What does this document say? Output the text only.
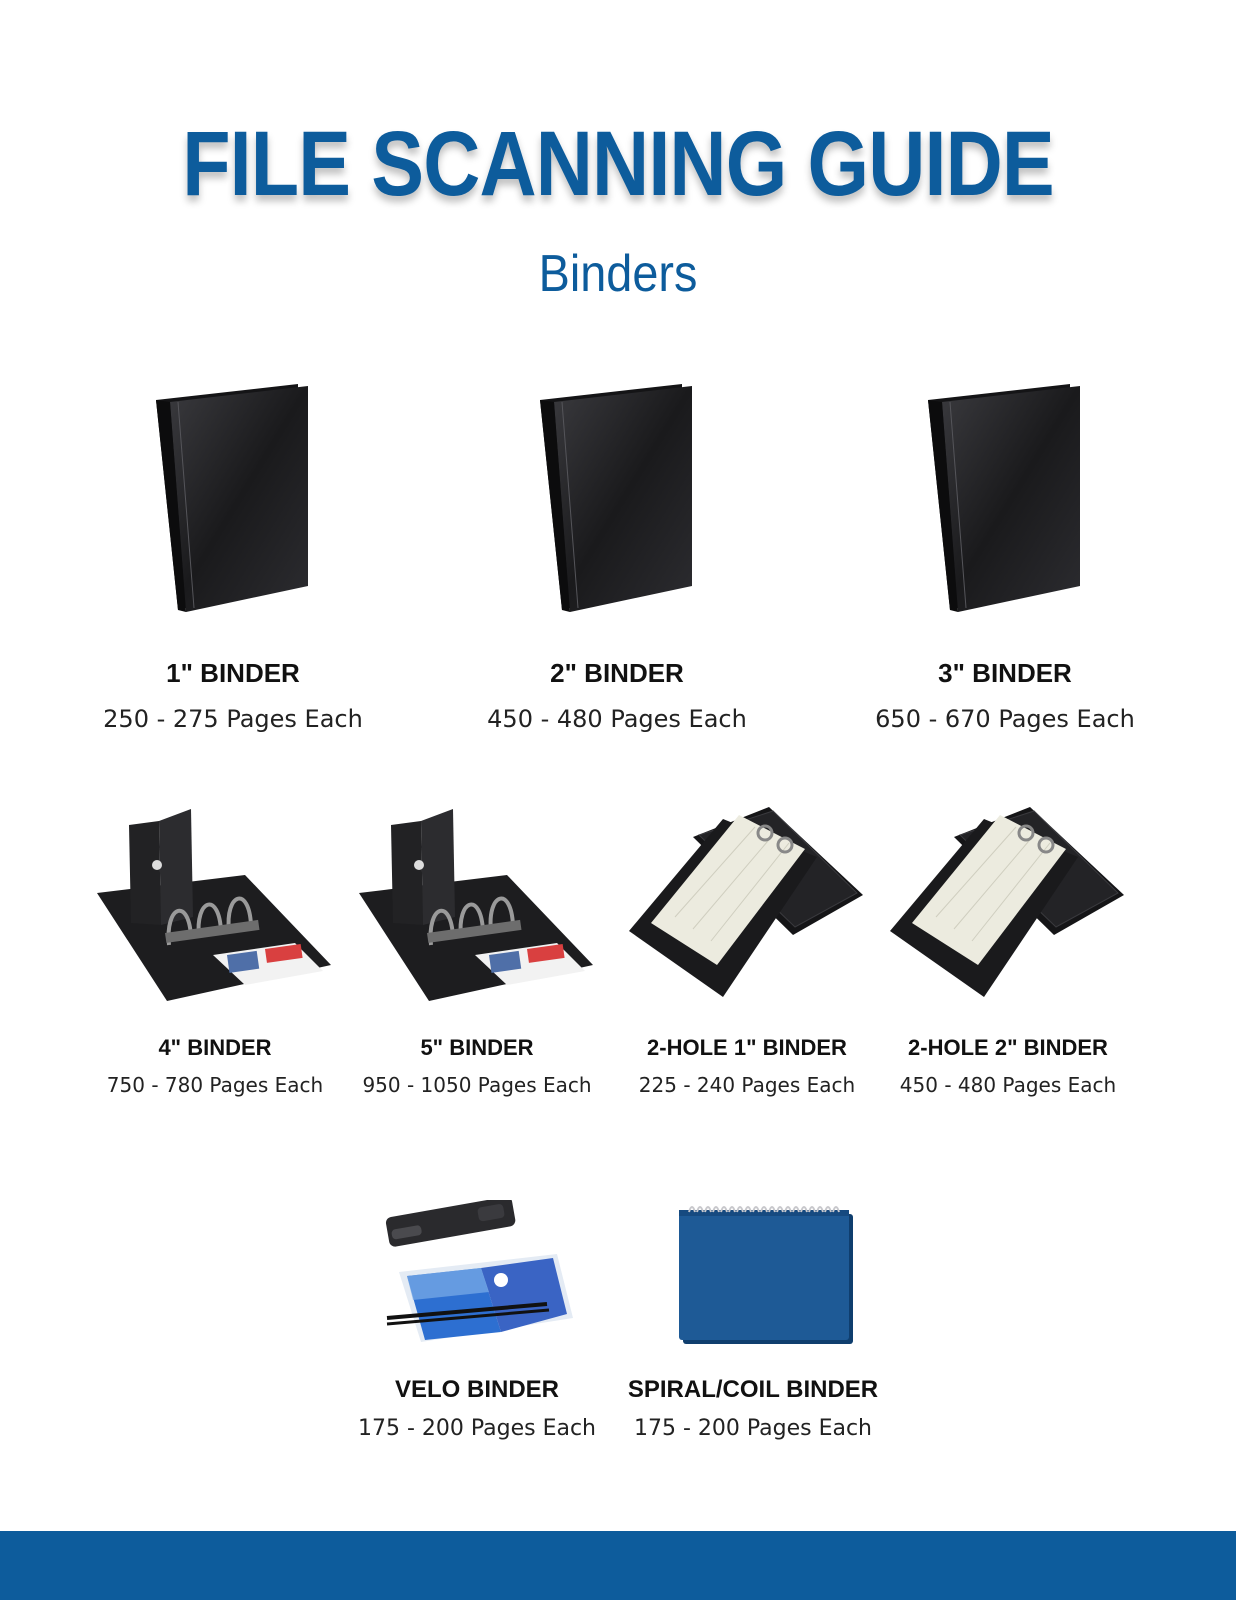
FILE SCANNING GUIDE
Binders
1" BINDER
250 - 275 Pages Each
2" BINDER
450 - 480 Pages Each
3" BINDER
650 - 670 Pages Each
4" BINDER
750 - 780 Pages Each
5" BINDER
950 - 1050 Pages Each
2-HOLE 1" BINDER
225 - 240 Pages Each
2-HOLE 2" BINDER
450 - 480 Pages Each
VELO BINDER
175 - 200 Pages Each
SPIRAL/COIL BINDER
175 - 200 Pages Each
